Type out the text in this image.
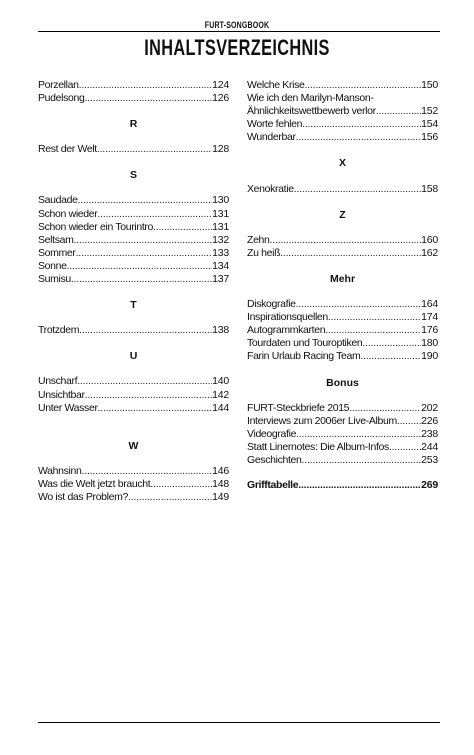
FURT-SONGBOOK
INHALTSVERZEICHNIS
Porzellan .....	124
Pudelsong .....	126
R
Rest der Welt .....	128
S
Saudade .....	130
Schon wieder .....	131
Schon wieder ein Tourintro .....	131
Seltsam .....	132
Sommer .....	133
Sonne .....	134
Sumisu .....	137
T
Trotzdem .....	138
U
Unscharf .....	140
Unsichtbar .....	142
Unter Wasser .....	144
W
Wahnsinn .....	146
Was die Welt jetzt braucht .....	148
Wo ist das Problem? .....	149
Welche Krise .....	150
Wie ich den Marilyn-Manson-
Ähnlichkeitswettbewerb verlor .....	152
Worte fehlen .....	154
Wunderbar .....	156
X
Xenokratie .....	158
Z
Zehn .....	160
Zu heiß .....	162
Mehr
Diskografie .....	164
Inspirationsquellen .....	174
Autogrammkarten .....	176
Tourdaten und Touroptiken .....	180
Farin Urlaub Racing Team .....	190
Bonus
FURT-Steckbriefe 2015 .....	202
Interviews zum 2006er Live-Album ..... 226
Videografie .....	238
Statt Linernotes: Die Album-Infos .....	244
Geschichten .....	253
Grifftabelle .....	269
